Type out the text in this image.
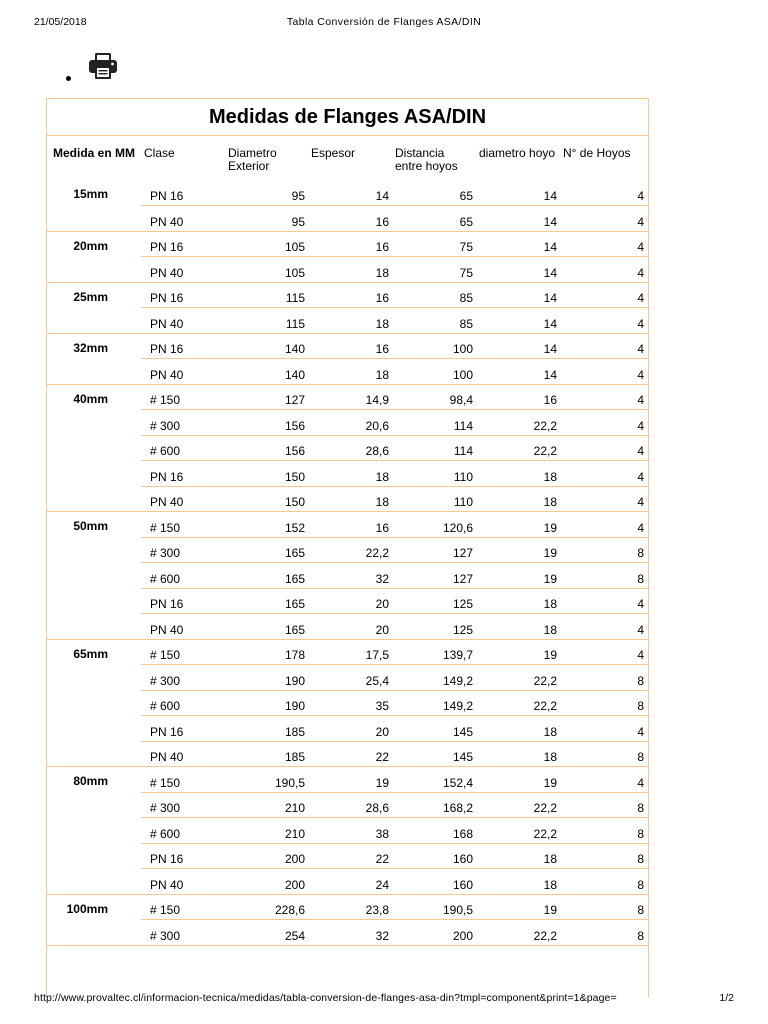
21/05/2018	Tabla Conversión de Flanges ASA/DIN
Medidas de Flanges ASA/DIN
Medida en MM	Clase	Diametro Exterior	Espesor	Distancia entre hoyos	diametro hoyo	N° de Hoyos
15mm	PN 16	95	14	65	14	4
	PN 40	95	16	65	14	4
20mm	PN 16	105	16	75	14	4
	PN 40	105	18	75	14	4
25mm	PN 16	115	16	85	14	4
	PN 40	115	18	85	14	4
32mm	PN 16	140	16	100	14	4
	PN 40	140	18	100	14	4
40mm	# 150	127	14,9	98,4	16	4
	# 300	156	20,6	114	22,2	4
	# 600	156	28,6	114	22,2	4
	PN 16	150	18	110	18	4
	PN 40	150	18	110	18	4
50mm	# 150	152	16	120,6	19	4
	# 300	165	22,2	127	19	8
	# 600	165	32	127	19	8
	PN 16	165	20	125	18	4
	PN 40	165	20	125	18	4
65mm	# 150	178	17,5	139,7	19	4
	# 300	190	25,4	149,2	22,2	8
	# 600	190	35	149,2	22,2	8
	PN 16	185	20	145	18	4
	PN 40	185	22	145	18	8
80mm	# 150	190,5	19	152,4	19	4
	# 300	210	28,6	168,2	22,2	8
	# 600	210	38	168	22,2	8
	PN 16	200	22	160	18	8
	PN 40	200	24	160	18	8
100mm	# 150	228,6	23,8	190,5	19	8
	# 300	254	32	200	22,2	8
http://www.provaltec.cl/informacion-tecnica/medidas/tabla-conversion-de-flanges-asa-din?tmpl=component&print=1&page=	1/2
